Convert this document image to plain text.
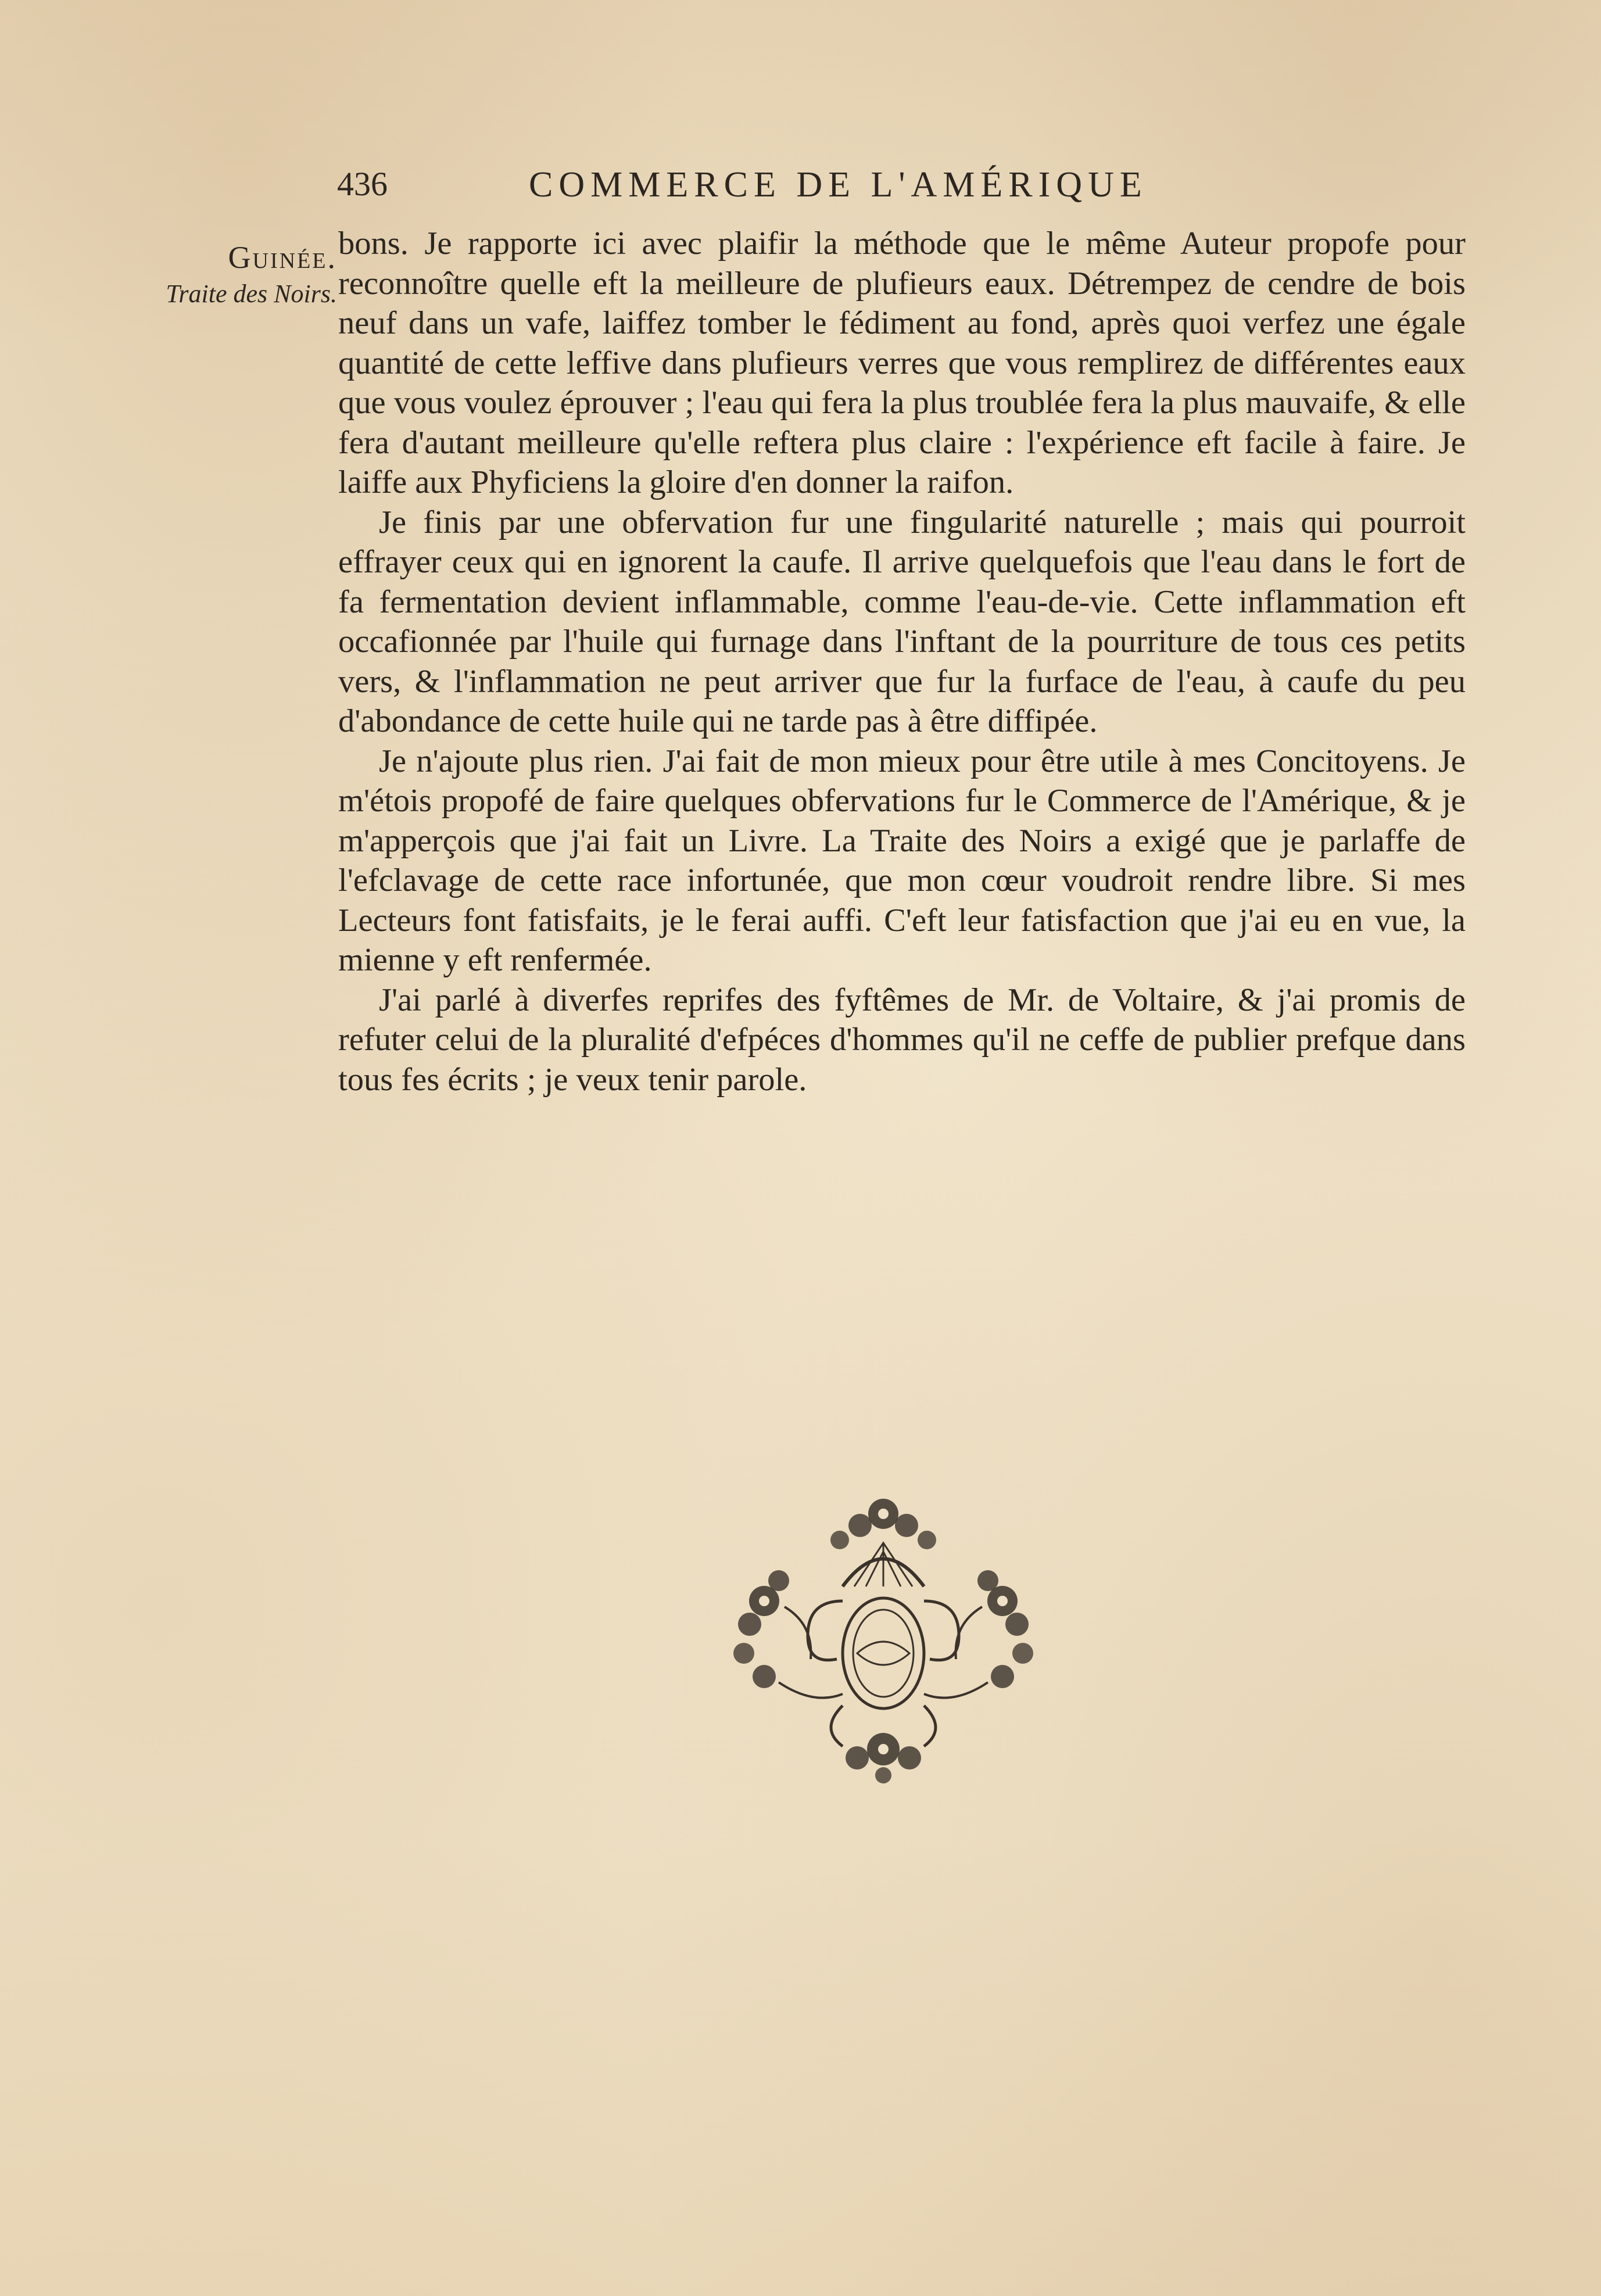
436	COMMERCE DE L'AMÉRIQUE
Guinée.
Traite des Noirs.

bons. Je rapporte ici avec plaifir la méthode que le même Auteur propofe pour reconnoître quelle eft la meilleure de plufieurs eaux. Détrempez de cendre de bois neuf dans un vafe, laiffez tomber le fédiment au fond, après quoi verfez une égale quantité de cette leffive dans plufieurs verres que vous remplirez de différentes eaux que vous voulez éprouver ; l'eau qui fera la plus troublée fera la plus mauvaife, & elle fera d'autant meilleure qu'elle reftera plus claire : l'expérience eft facile à faire. Je laiffe aux Phyficiens la gloire d'en donner la raifon.

Je finis par une obfervation fur une fingularité naturelle ; mais qui pourroit effrayer ceux qui en ignorent la caufe. Il arrive quelquefois que l'eau dans le fort de fa fermentation devient inflammable, comme l'eau-de-vie. Cette inflammation eft occafionnée par l'huile qui furnage dans l'inftant de la pourriture de tous ces petits vers, & l'inflammation ne peut arriver que fur la furface de l'eau, à caufe du peu d'abondance de cette huile qui ne tarde pas à être diffipée.

Je n'ajoute plus rien. J'ai fait de mon mieux pour être utile à mes Concitoyens. Je m'étois propofé de faire quelques obfervations fur le Commerce de l'Amérique, & je m'apperçois que j'ai fait un Livre. La Traite des Noirs a exigé que je parlaffe de l'efclavage de cette race infortunée, que mon cœur voudroit rendre libre. Si mes Lecteurs font fatisfaits, je le ferai auffi. C'eft leur fatisfaction que j'ai eu en vue, la mienne y eft renfermée.

J'ai parlé à diverfes reprifes des fyftêmes de Mr. de Voltaire, & j'ai promis de refuter celui de la pluralité d'efpéces d'hommes qu'il ne ceffe de publier prefque dans tous fes écrits ; je veux tenir parole.
